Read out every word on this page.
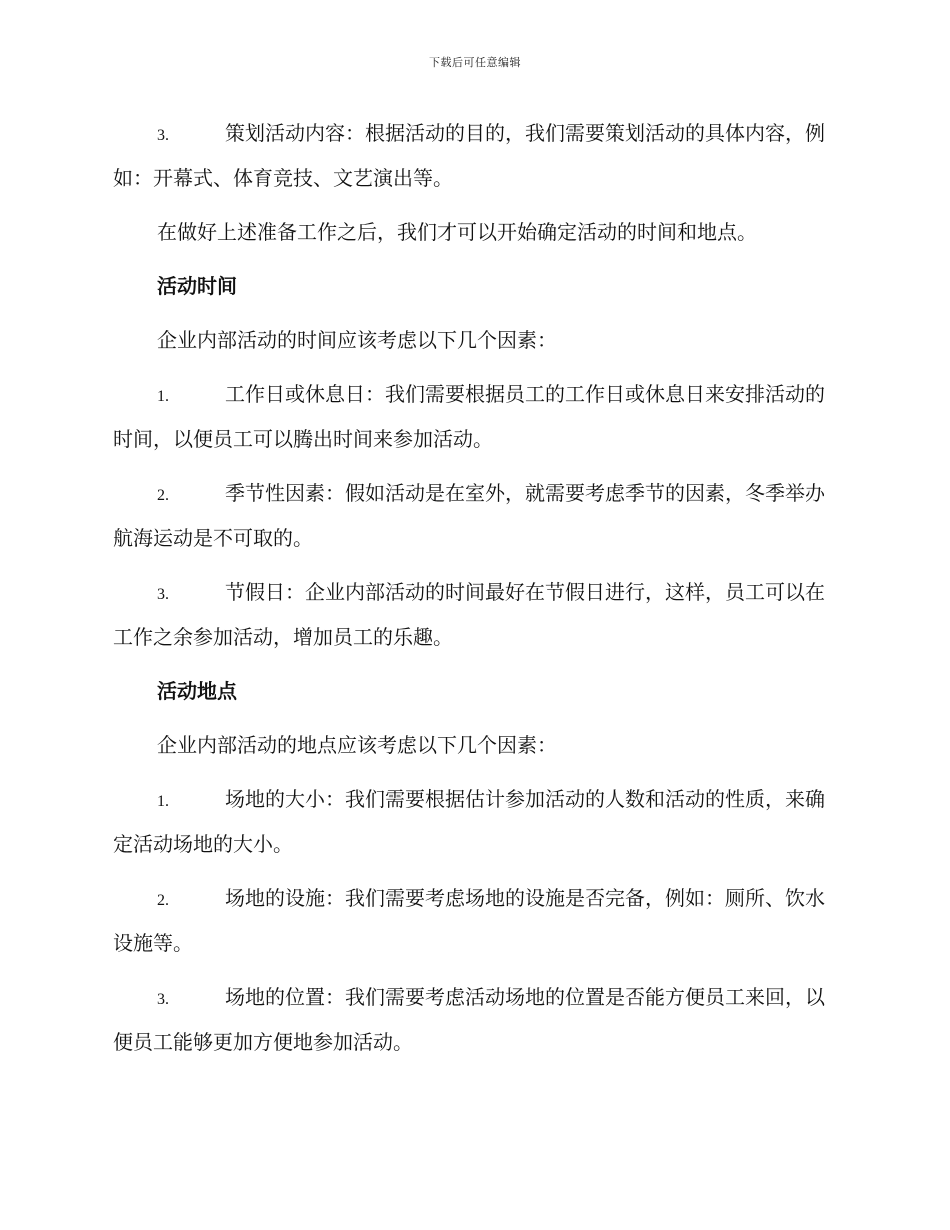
下载后可任意编辑

3.	策划活动内容：根据活动的目的，我们需要策划活动的具体内容，例如：开幕式、体育竞技、文艺演出等。

在做好上述准备工作之后，我们才可以开始确定活动的时间和地点。

活动时间

企业内部活动的时间应该考虑以下几个因素：

1.	工作日或休息日：我们需要根据员工的工作日或休息日来安排活动的时间，以便员工可以腾出时间来参加活动。

2.	季节性因素：假如活动是在室外，就需要考虑季节的因素，冬季举办航海运动是不可取的。

3.	节假日：企业内部活动的时间最好在节假日进行，这样，员工可以在工作之余参加活动，增加员工的乐趣。

活动地点

企业内部活动的地点应该考虑以下几个因素：

1.	场地的大小：我们需要根据估计参加活动的人数和活动的性质，来确定活动场地的大小。

2.	场地的设施：我们需要考虑场地的设施是否完备，例如：厕所、饮水设施等。

3.	场地的位置：我们需要考虑活动场地的位置是否能方便员工来回，以便员工能够更加方便地参加活动。
